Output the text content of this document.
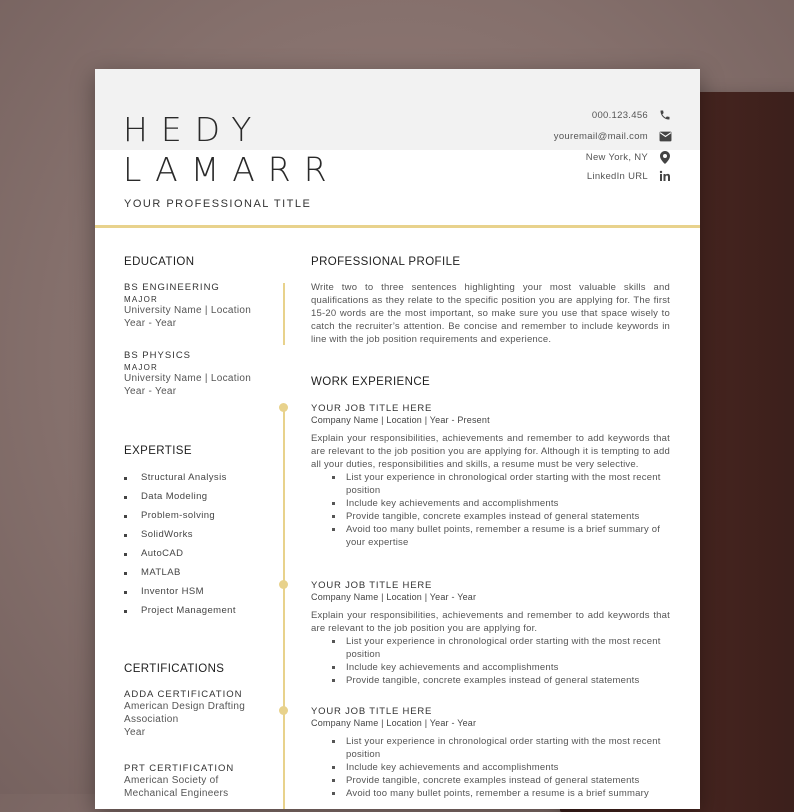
HEDY
LAMARR
YOUR PROFESSIONAL TITLE
000.123.456
youremail@mail.com
New York, NY
LinkedIn URL
EDUCATION
BS ENGINEERING
MAJOR
University Name | Location
Year - Year
BS PHYSICS
MAJOR
University Name | Location
Year - Year
EXPERTISE
Structural Analysis
Data Modeling
Problem-solving
SolidWorks
AutoCAD
MATLAB
Inventor HSM
Project Management
CERTIFICATIONS
ADDA CERTIFICATION
American Design Drafting
Association
Year
PRT CERTIFICATION
American Society of
Mechanical Engineers
PROFESSIONAL PROFILE

Write two to three sentences highlighting your most valuable skills and qualifications as they relate to the specific position you are applying for. The first 15-20 words are the most important, so make sure you use that space wisely to catch the recruiter’s attention. Be concise and remember to include keywords in line with the job position requirements and experience.

WORK EXPERIENCE
YOUR JOB TITLE HERE
Company Name | Location | Year - Present

Explain your responsibilities, achievements and remember to add keywords that are relevant to the job position you are applying for. Although it is tempting to add all your duties, responsibilities and skills, a resume must be very selective.

List your experience in chronological order starting with the most recent position
Include key achievements and accomplishments
Provide tangible, concrete examples instead of general statements
Avoid too many bullet points, remember a resume is a brief summary of your expertise
YOUR JOB TITLE HERE
Company Name | Location | Year - Year

Explain your responsibilities, achievements and remember to add keywords that are relevant to the job position you are applying for.

List your experience in chronological order starting with the most recent position
Include key achievements and accomplishments
Provide tangible, concrete examples instead of general statements
YOUR JOB TITLE HERE
Company Name | Location | Year - Year
List your experience in chronological order starting with the most recent position
Include key achievements and accomplishments
Provide tangible, concrete examples instead of general statements
Avoid too many bullet points, remember a resume is a brief summary
